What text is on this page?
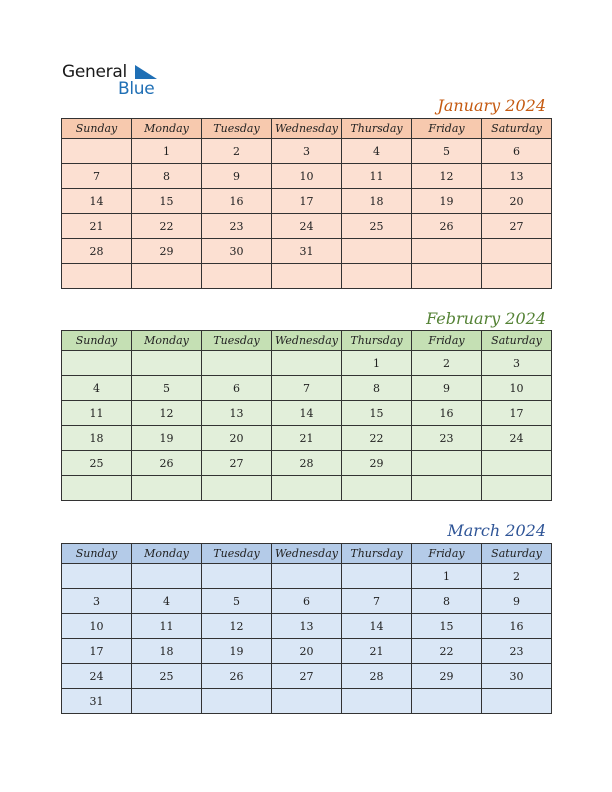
General
Blue
January 2024
Sunday	Monday	Tuesday	Wednesday	Thursday	Friday	Saturday
	1	2	3	4	5	6
7	8	9	10	11	12	13
14	15	16	17	18	19	20
21	22	23	24	25	26	27
28	29	30	31			

February 2024
Sunday	Monday	Tuesday	Wednesday	Thursday	Friday	Saturday
				1	2	3
4	5	6	7	8	9	10
11	12	13	14	15	16	17
18	19	20	21	22	23	24
25	26	27	28	29		

March 2024
Sunday	Monday	Tuesday	Wednesday	Thursday	Friday	Saturday
					1	2
3	4	5	6	7	8	9
10	11	12	13	14	15	16
17	18	19	20	21	22	23
24	25	26	27	28	29	30
31						
